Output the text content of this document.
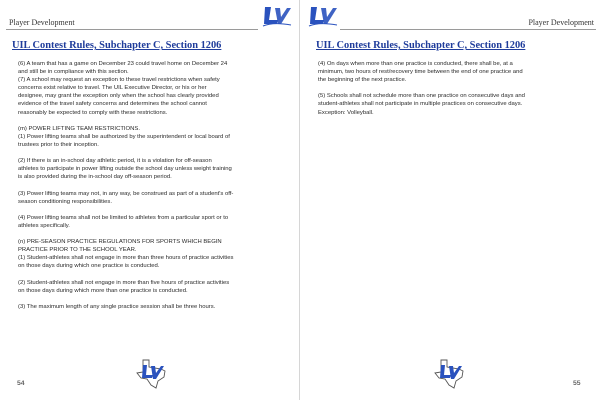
Player Development
UIL Contest Rules, Subchapter C, Section 1206
(6) A team that has a game on December 23 could travel home on December 24
and still be in compliance with this section.
(7) A school may request an exception to these travel restrictions when safety
concerns exist relative to travel. The UIL Executive Director, or his or her
designee, may grant the exception only when the school has clearly provided
evidence of the travel safety concerns and determines the school cannot
reasonably be expected to comply with these restrictions.
(m) POWER LIFTING TEAM RESTRICTIONS.
(1) Power lifting teams shall be authorized by the superintendent or local board of
trustees prior to their inception.
(2) If there is an in-school day athletic period, it is a violation for off-season
athletes to participate in power lifting outside the school day unless weight training
is also provided during the in-school day off-season period.
(3) Power lifting teams may not, in any way, be construed as part of a student's off-
season conditioning responsibilities.
(4) Power lifting teams shall not be limited to athletes from a particular sport or to
athletes specifically.
(n) PRE-SEASON PRACTICE REGULATIONS FOR SPORTS WHICH BEGIN
PRACTICE PRIOR TO THE SCHOOL YEAR.
(1) Student-athletes shall not engage in more than three hours of practice activities
on those days during which one practice is conducted.
(2) Student-athletes shall not engage in more than five hours of practice activities
on those days during which more than one practice is conducted.
(3) The maximum length of any single practice session shall be three hours.
54
Player Development
UIL Contest Rules, Subchapter C, Section 1206
(4) On days when more than one practice is conducted, there shall be, at a
minimum, two hours of rest/recovery time between the end of one practice and
the beginning of the next practice.
(5) Schools shall not schedule more than one practice on consecutive days and
student-athletes shall not participate in multiple practices on consecutive days.
Exception: Volleyball.
55
